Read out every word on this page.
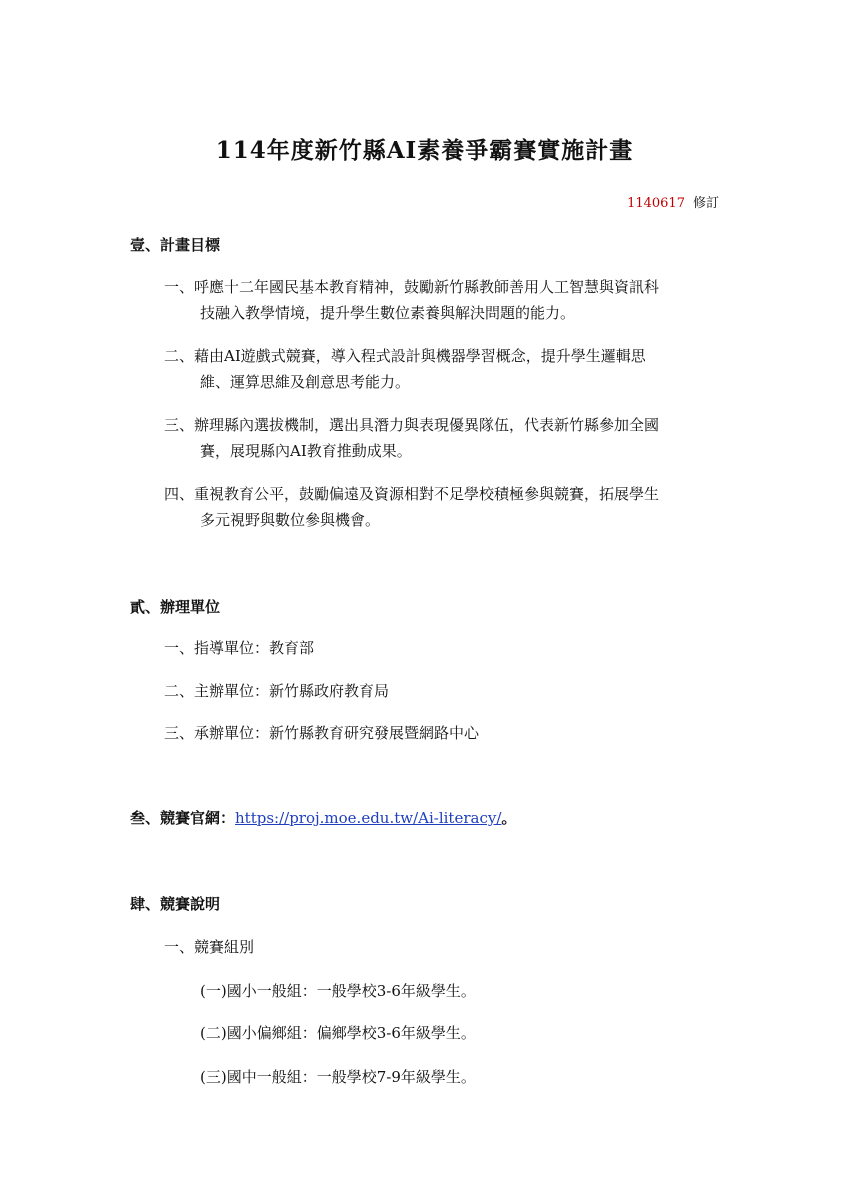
114年度新竹縣AI素養爭霸賽實施計畫
1140617 修訂
壹、計畫目標
一、呼應十二年國民基本教育精神，鼓勵新竹縣教師善用人工智慧與資訊科
技融入教學情境，提升學生數位素養與解決問題的能力。
二、藉由AI遊戲式競賽，導入程式設計與機器學習概念，提升學生邏輯思
維、運算思維及創意思考能力。
三、辦理縣內選拔機制，選出具潛力與表現優異隊伍，代表新竹縣參加全國
賽，展現縣內AI教育推動成果。
四、重視教育公平，鼓勵偏遠及資源相對不足學校積極參與競賽，拓展學生
多元視野與數位參與機會。
貳、辦理單位
一、指導單位：教育部
二、主辦單位：新竹縣政府教育局
三、承辦單位：新竹縣教育研究發展暨網路中心
叁、競賽官網：https://proj.moe.edu.tw/Ai-literacy/。
肆、競賽說明
一、競賽組別
(一)國小一般組：一般學校3-6年級學生。
(二)國小偏鄉組：偏鄉學校3-6年級學生。
(三)國中一般組：一般學校7-9年級學生。
